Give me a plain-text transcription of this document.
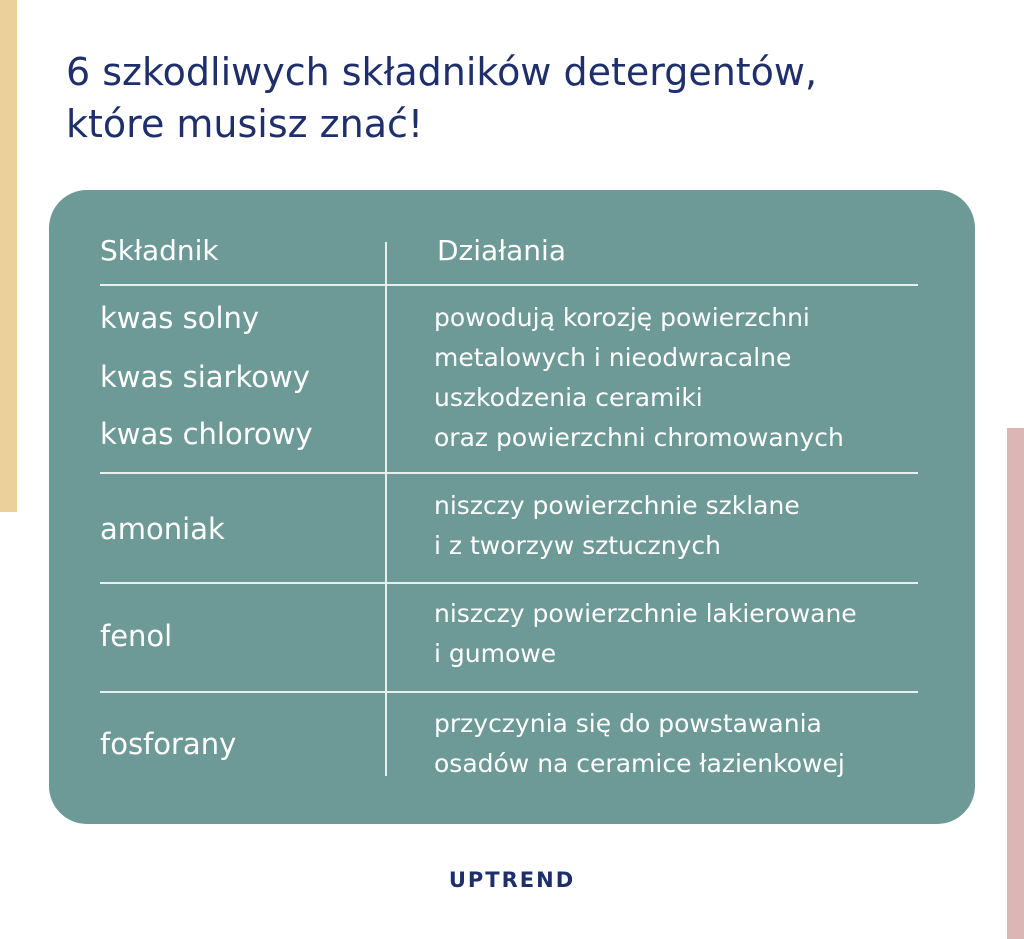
6 szkodliwych składników detergentów,
które musisz znać!
Składnik	Działania
kwas solny
kwas siarkowy
kwas chlorowy
powodują korozję powierzchni
metalowych i nieodwracalne
uszkodzenia ceramiki
oraz powierzchni chromowanych
amoniak
niszczy powierzchnie szklane
i z tworzyw sztucznych
fenol
niszczy powierzchnie lakierowane
i gumowe
fosforany
przyczynia się do powstawania
osadów na ceramice łazienkowej
UPTREND
